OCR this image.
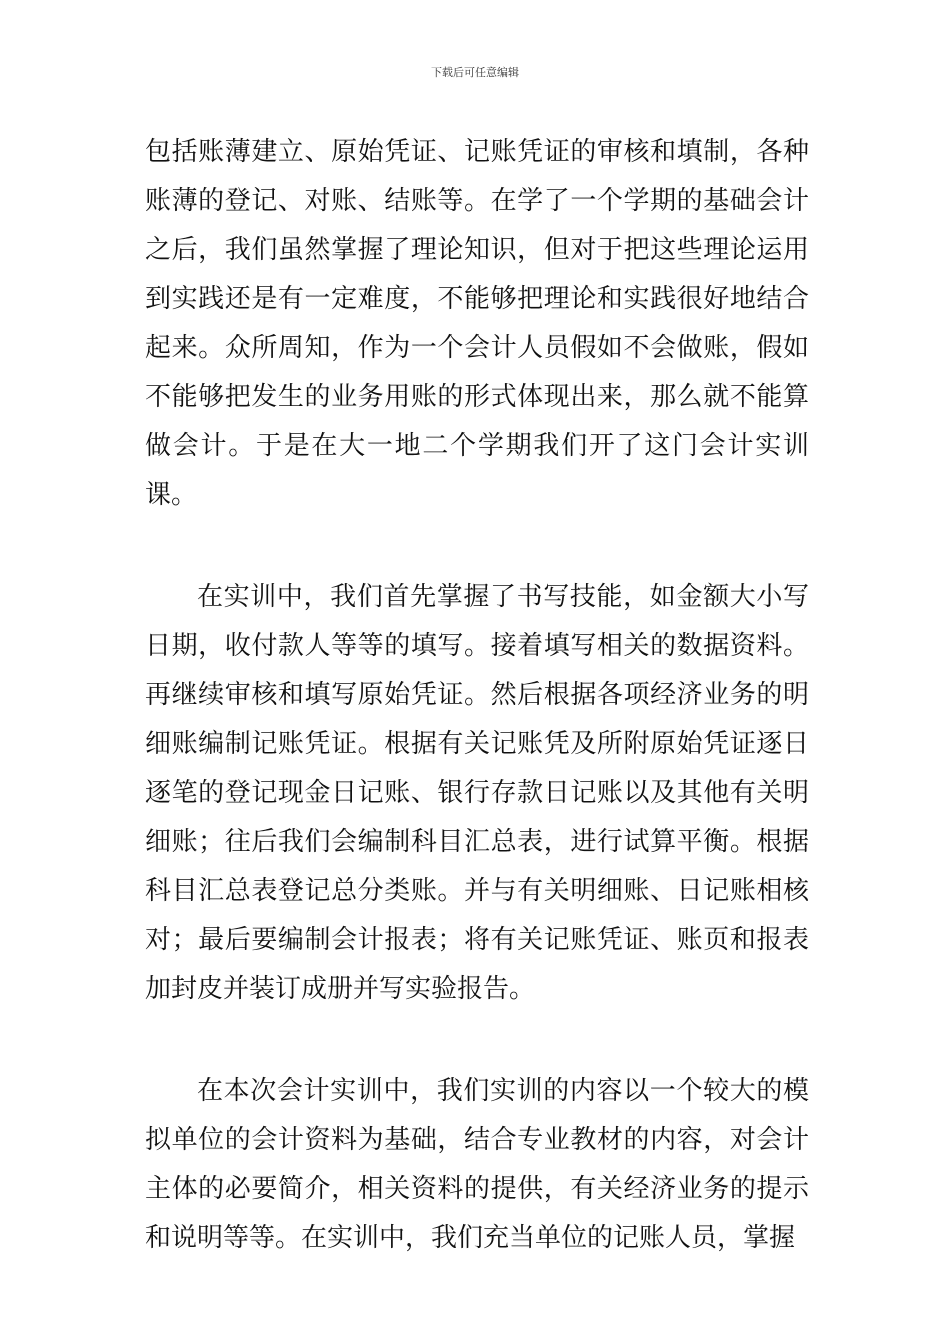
下载后可任意编辑

包括账薄建立、原始凭证、记账凭证的审核和填制，各种账薄的登记、对账、结账等。在学了一个学期的基础会计之后，我们虽然掌握了理论知识，但对于把这些理论运用到实践还是有一定难度，不能够把理论和实践很好地结合起来。众所周知，作为一个会计人员假如不会做账，假如不能够把发生的业务用账的形式体现出来，那么就不能算做会计。于是在大一地二个学期我们开了这门会计实训课。

在实训中，我们首先掌握了书写技能，如金额大小写日期，收付款人等等的填写。接着填写相关的数据资料。再继续审核和填写原始凭证。然后根据各项经济业务的明细账编制记账凭证。根据有关记账凭及所附原始凭证逐日逐笔的登记现金日记账、银行存款日记账以及其他有关明细账；往后我们会编制科目汇总表，进行试算平衡。根据科目汇总表登记总分类账。并与有关明细账、日记账相核对；最后要编制会计报表；将有关记账凭证、账页和报表加封皮并装订成册并写实验报告。

在本次会计实训中，我们实训的内容以一个较大的模拟单位的会计资料为基础，结合专业教材的内容，对会计主体的必要简介，相关资料的提供，有关经济业务的提示和说明等等。在实训中，我们充当单位的记账人员，掌握
